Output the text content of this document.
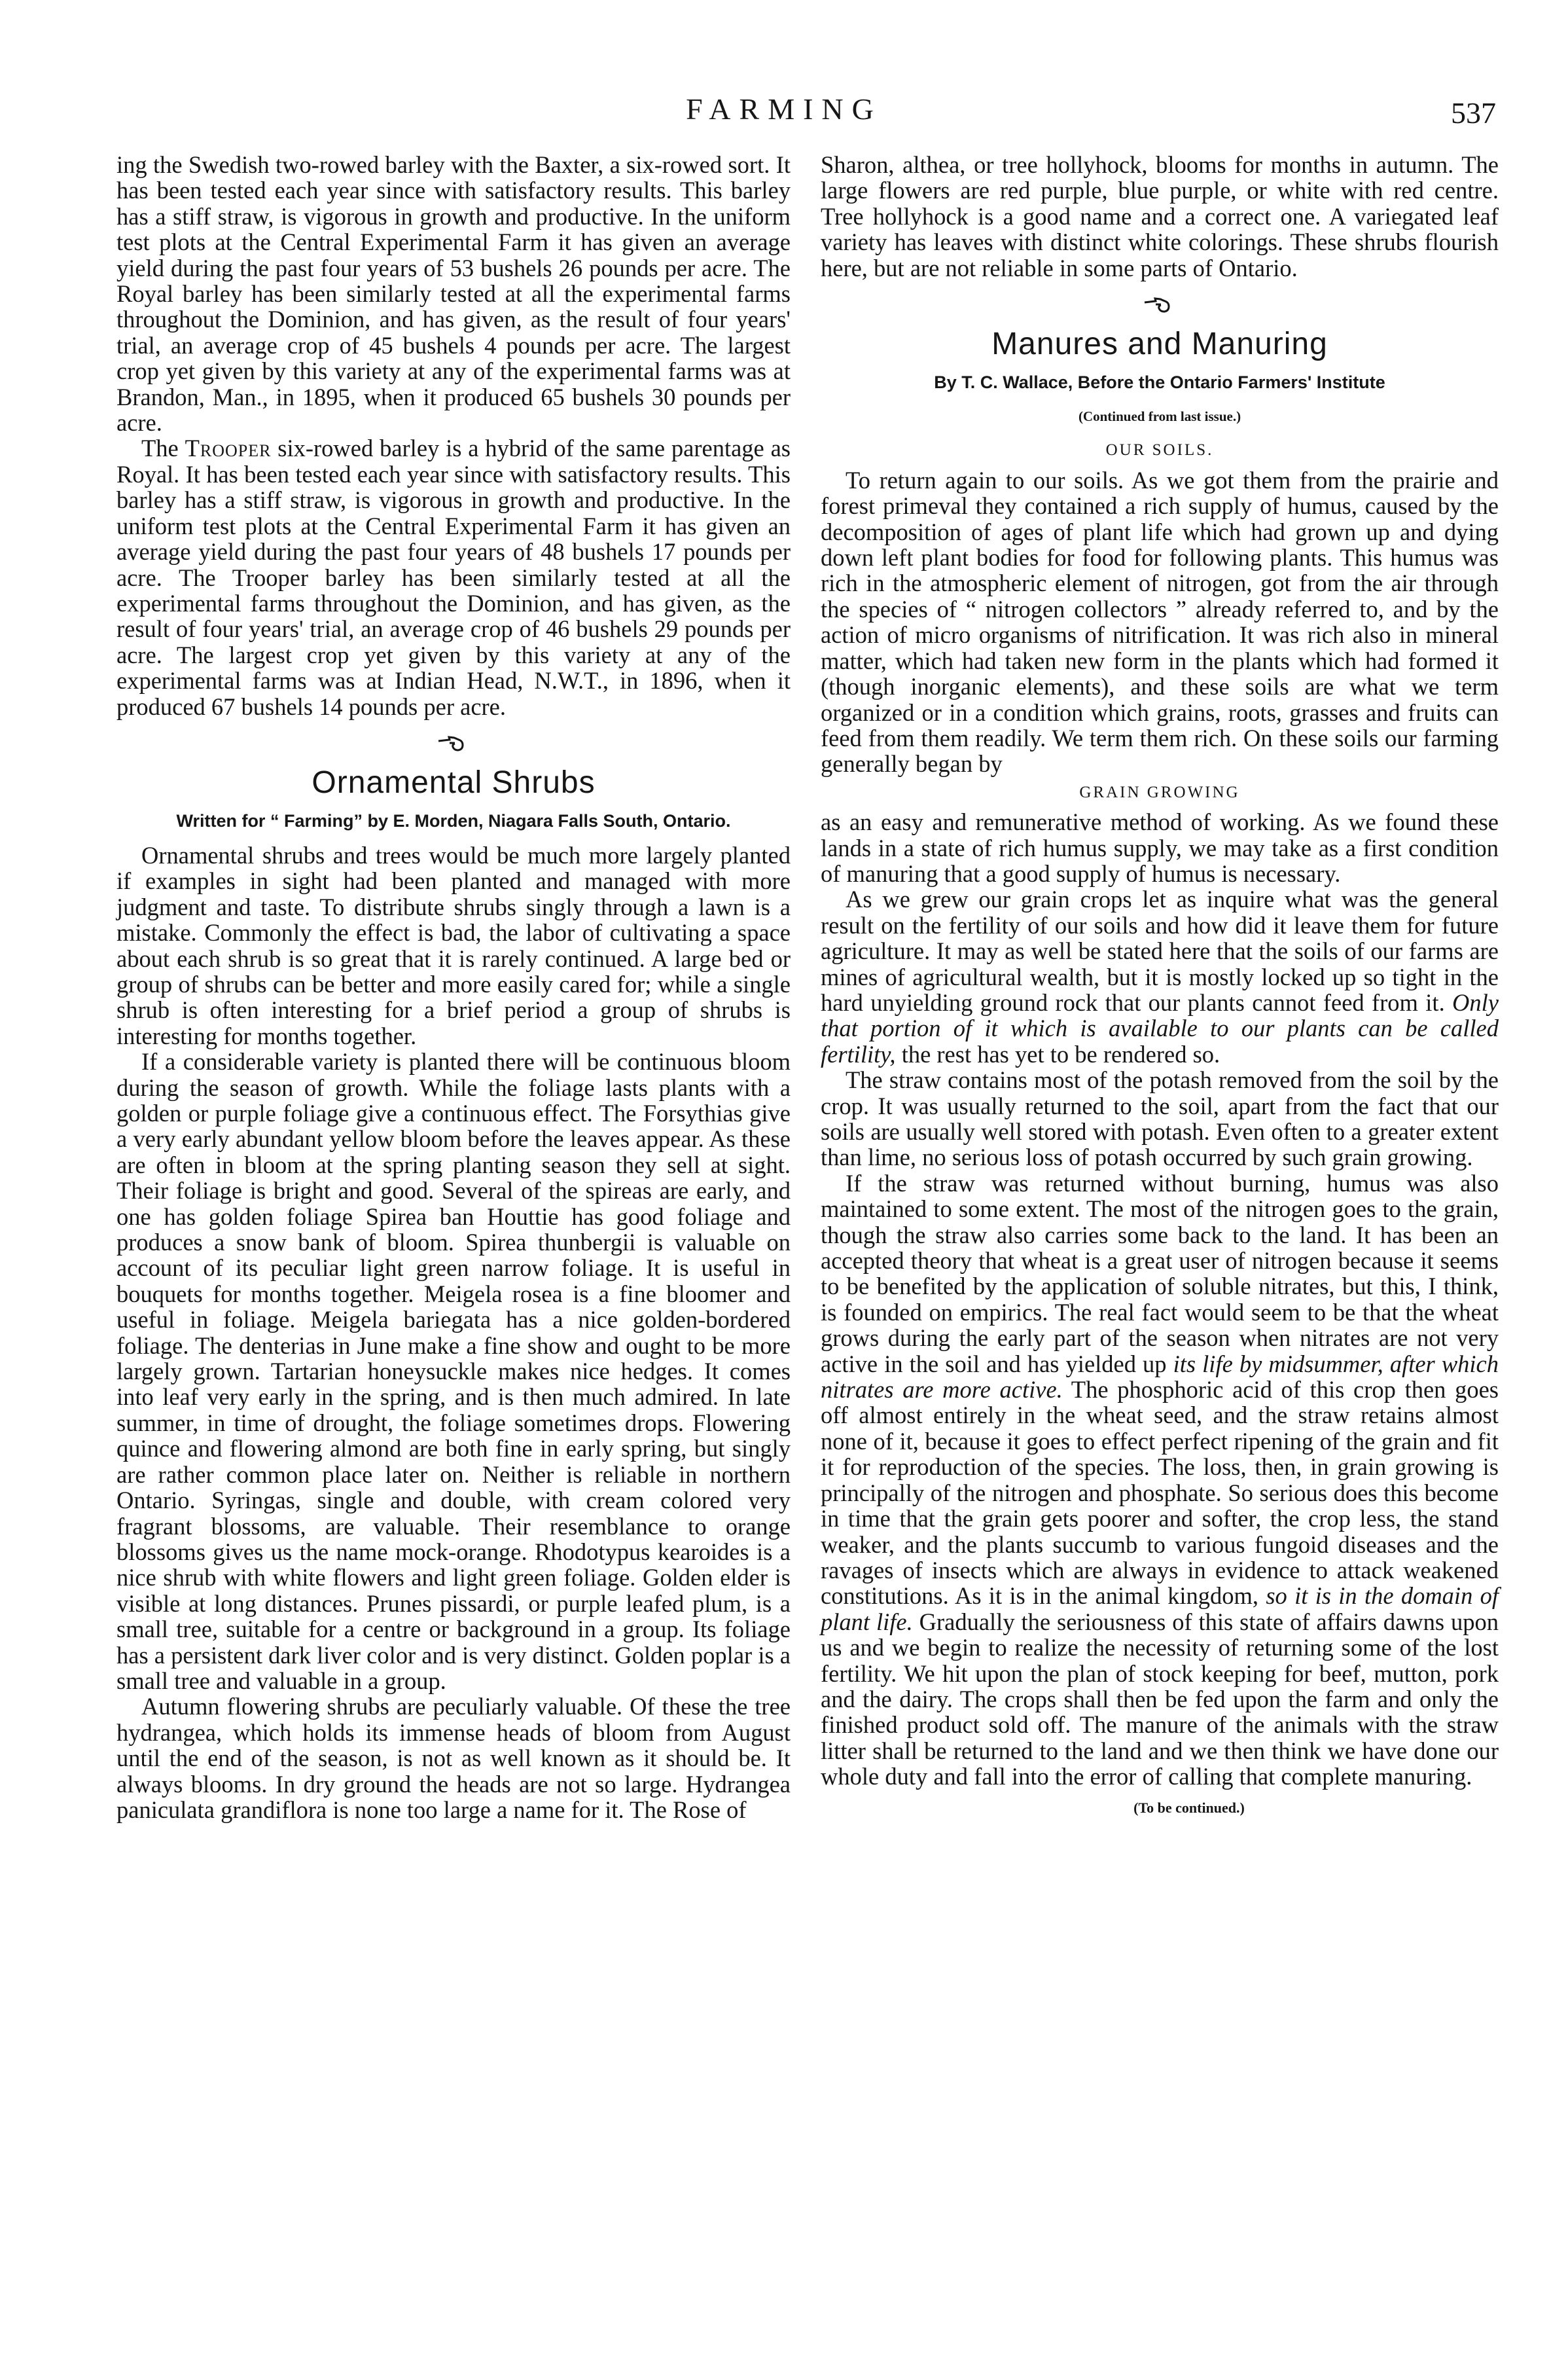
FARMING	537

ing the Swedish two-rowed barley with the Baxter, a six-rowed sort. It has been tested each year since with satisfactory results. This barley has a stiff straw, is vigorous in growth and productive. In the uniform test plots at the Central Experimental Farm it has given an average yield during the past four years of 53 bushels 26 pounds per acre. The Royal barley has been similarly tested at all the experimental farms throughout the Dominion, and has given, as the result of four years' trial, an average crop of 45 bushels 4 pounds per acre. The largest crop yet given by this variety at any of the experimental farms was at Brandon, Man., in 1895, when it produced 65 bushels 30 pounds per acre.

The Trooper six-rowed barley is a hybrid of the same parentage as Royal. It has been tested each year since with satisfactory results. This barley has a stiff straw, is vigorous in growth and productive. In the uniform test plots at the Central Experimental Farm it has given an average yield during the past four years of 48 bushels 17 pounds per acre. The Trooper barley has been similarly tested at all the experimental farms throughout the Dominion, and has given, as the result of four years' trial, an average crop of 46 bushels 29 pounds per acre. The largest crop yet given by this variety at any of the experimental farms was at Indian Head, N.W.T., in 1896, when it produced 67 bushels 14 pounds per acre.

Ornamental Shrubs
Written for “ Farming” by E. Morden, Niagara Falls South, Ontario.

Ornamental shrubs and trees would be much more largely planted if examples in sight had been planted and managed with more judgment and taste. To distribute shrubs singly through a lawn is a mistake. Commonly the effect is bad, the labor of cultivating a space about each shrub is so great that it is rarely continued. A large bed or group of shrubs can be better and more easily cared for; while a single shrub is often interesting for a brief period a group of shrubs is interesting for months together.

If a considerable variety is planted there will be continuous bloom during the season of growth. While the foliage lasts plants with a golden or purple foliage give a continuous effect. The Forsythias give a very early abundant yellow bloom before the leaves appear. As these are often in bloom at the spring planting season they sell at sight. Their foliage is bright and good. Several of the spireas are early, and one has golden foliage Spirea ban Houttie has good foliage and produces a snow bank of bloom. Spirea thunbergii is valuable on account of its peculiar light green narrow foliage. It is useful in bouquets for months together. Meigela rosea is a fine bloomer and useful in foliage. Meigela bariegata has a nice golden-bordered foliage. The denterias in June make a fine show and ought to be more largely grown. Tartarian honeysuckle makes nice hedges. It comes into leaf very early in the spring, and is then much admired. In late summer, in time of drought, the foliage sometimes drops. Flowering quince and flowering almond are both fine in early spring, but singly are rather common place later on. Neither is reliable in northern Ontario. Syringas, single and double, with cream colored very fragrant blossoms, are valuable. Their resemblance to orange blossoms gives us the name mock-orange. Rhodotypus kearoides is a nice shrub with white flowers and light green foliage. Golden elder is visible at long distances. Prunes pissardi, or purple leafed plum, is a small tree, suitable for a centre or background in a group. Its foliage has a persistent dark liver color and is very distinct. Golden poplar is a small tree and valuable in a group.

Autumn flowering shrubs are peculiarly valuable. Of these the tree hydrangea, which holds its immense heads of bloom from August until the end of the season, is not as well known as it should be. It always blooms. In dry ground the heads are not so large. Hydrangea paniculata grandiflora is none too large a name for it. The Rose of

Sharon, althea, or tree hollyhock, blooms for months in autumn. The large flowers are red purple, blue purple, or white with red centre. Tree hollyhock is a good name and a correct one. A variegated leaf variety has leaves with distinct white colorings. These shrubs flourish here, but are not reliable in some parts of Ontario.

Manures and Manuring
By T. C. Wallace, Before the Ontario Farmers' Institute
(Continued from last issue.)
OUR SOILS.

To return again to our soils. As we got them from the prairie and forest primeval they contained a rich supply of humus, caused by the decomposition of ages of plant life which had grown up and dying down left plant bodies for food for following plants. This humus was rich in the atmospheric element of nitrogen, got from the air through the species of “ nitrogen collectors ” already referred to, and by the action of micro organisms of nitrification. It was rich also in mineral matter, which had taken new form in the plants which had formed it (though inorganic elements), and these soils are what we term organized or in a condition which grains, roots, grasses and fruits can feed from them readily. We term them rich. On these soils our farming generally began by

GRAIN GROWING

as an easy and remunerative method of working. As we found these lands in a state of rich humus supply, we may take as a first condition of manuring that a good supply of humus is necessary.

As we grew our grain crops let as inquire what was the general result on the fertility of our soils and how did it leave them for future agriculture. It may as well be stated here that the soils of our farms are mines of agricultural wealth, but it is mostly locked up so tight in the hard unyielding ground rock that our plants cannot feed from it. Only that portion of it which is available to our plants can be called fertility, the rest has yet to be rendered so.

The straw contains most of the potash removed from the soil by the crop. It was usually returned to the soil, apart from the fact that our soils are usually well stored with potash. Even often to a greater extent than lime, no serious loss of potash occurred by such grain growing.

If the straw was returned without burning, humus was also maintained to some extent. The most of the nitrogen goes to the grain, though the straw also carries some back to the land. It has been an accepted theory that wheat is a great user of nitrogen because it seems to be benefited by the application of soluble nitrates, but this, I think, is founded on empirics. The real fact would seem to be that the wheat grows during the early part of the season when nitrates are not very active in the soil and has yielded up its life by midsummer, after which nitrates are more active. The phosphoric acid of this crop then goes off almost entirely in the wheat seed, and the straw retains almost none of it, because it goes to effect perfect ripening of the grain and fit it for reproduction of the species. The loss, then, in grain growing is principally of the nitrogen and phosphate. So serious does this become in time that the grain gets poorer and softer, the crop less, the stand weaker, and the plants succumb to various fungoid diseases and the ravages of insects which are always in evidence to attack weakened constitutions. As it is in the animal kingdom, so it is in the domain of plant life. Gradually the seriousness of this state of affairs dawns upon us and we begin to realize the necessity of returning some of the lost fertility. We hit upon the plan of stock keeping for beef, mutton, pork and the dairy. The crops shall then be fed upon the farm and only the finished product sold off. The manure of the animals with the straw litter shall be returned to the land and we then think we have done our whole duty and fall into the error of calling that complete manuring.

(To be continued.)
